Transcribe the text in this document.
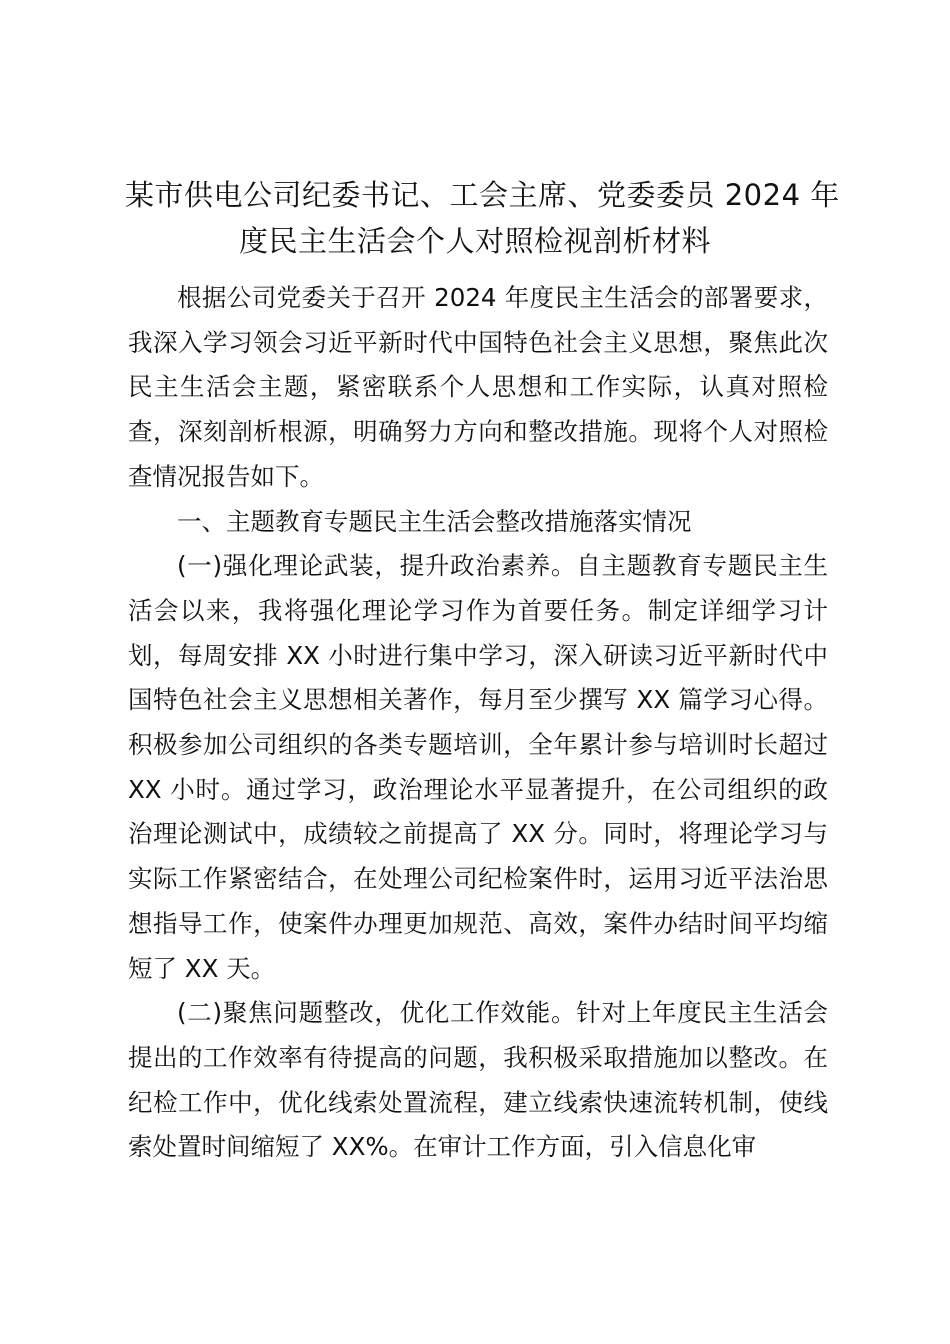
某市供电公司纪委书记、工会主席、党委委员 2024 年
度民主生活会个人对照检视剖析材料

根据公司党委关于召开 2024 年度民主生活会的部署要求，我深入学习领会习近平新时代中国特色社会主义思想，聚焦此次民主生活会主题，紧密联系个人思想和工作实际，认真对照检查，深刻剖析根源，明确努力方向和整改措施。现将个人对照检查情况报告如下。

一、主题教育专题民主生活会整改措施落实情况

(一)强化理论武装，提升政治素养。自主题教育专题民主生活会以来，我将强化理论学习作为首要任务。制定详细学习计划，每周安排 XX 小时进行集中学习，深入研读习近平新时代中国特色社会主义思想相关著作，每月至少撰写 XX 篇学习心得。积极参加公司组织的各类专题培训，全年累计参与培训时长超过 XX 小时。通过学习，政治理论水平显著提升，在公司组织的政治理论测试中，成绩较之前提高了 XX 分。同时，将理论学习与实际工作紧密结合，在处理公司纪检案件时，运用习近平法治思想指导工作，使案件办理更加规范、高效，案件办结时间平均缩短了 XX 天。

(二)聚焦问题整改，优化工作效能。针对上年度民主生活会提出的工作效率有待提高的问题，我积极采取措施加以整改。在纪检工作中，优化线索处置流程，建立线索快速流转机制，使线索处置时间缩短了 XX%。在审计工作方面，引入信息化审
